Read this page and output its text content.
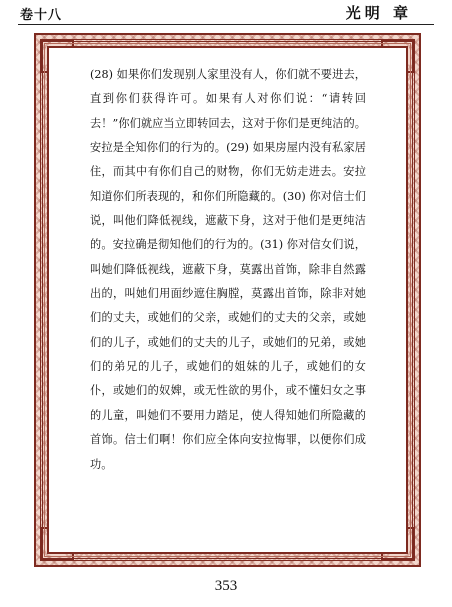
卷十八	光明 章

(28) 如果你们发现别人家里没有人，你们就不要进去，直到你们获得许可。如果有人对你们说：“请转回去！”你们就应当立即转回去，这对于你们是更纯洁的。安拉是全知你们的行为的。(29) 如果房屋内没有私家居住，而其中有你们自己的财物，你们无妨走进去。安拉知道你们所表现的，和你们所隐藏的。(30) 你对信士们说，叫他们降低视线，遮蔽下身，这对于他们是更纯洁的。安拉确是彻知他们的行为的。(31) 你对信女们说，叫她们降低视线，遮蔽下身，莫露出首饰，除非自然露出的，叫她们用面纱遮住胸膛，莫露出首饰，除非对她们的丈夫，或她们的父亲，或她们的丈夫的父亲，或她们的儿子，或她们的丈夫的儿子，或她们的兄弟，或她们的弟兄的儿子，或她们的姐妹的儿子，或她们的女仆，或她们的奴婢，或无性欲的男仆，或不懂妇女之事的儿童，叫她们不要用力踏足，使人得知她们所隐藏的首饰。信士们啊！你们应全体向安拉悔罪，以便你们成功。

353
